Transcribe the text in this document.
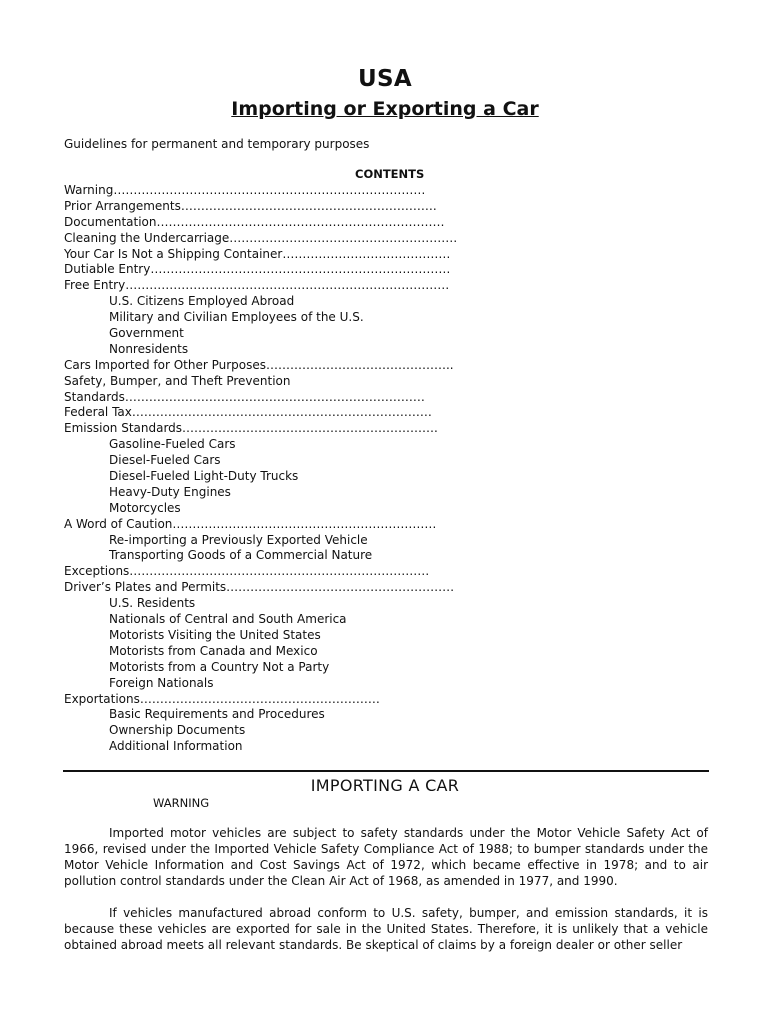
USA
Importing or Exporting a Car
Guidelines for permanent and temporary purposes
CONTENTS
Warning……………………………………………………………………
Prior Arrangements……………………………………………………….
Documentation………………………………………………………………
Cleaning the Undercarriage…………………………………………………
Your Car Is Not a Shipping Container……………………………………
Dutiable Entry…………………………………………………………………
Free Entry………………………………………………………………………
U.S. Citizens Employed Abroad
Military and Civilian Employees of the U.S.
Government
Nonresidents
Cars Imported for Other Purposes………………………………………..
Safety, Bumper, and Theft Prevention
Standards…………………………………………………………………
Federal Tax…………………………………………………………………
Emission Standards……………………………………………………….
Gasoline-Fueled Cars
Diesel-Fueled Cars
Diesel-Fueled Light-Duty Trucks
Heavy-Duty Engines
Motorcycles
A Word of Caution…………………………………………………………
Re-importing a Previously Exported Vehicle
Transporting Goods of a Commercial Nature
Exceptions…………………………………………………………………
Driver’s Plates and Permits…………………………………………………
U.S. Residents
Nationals of Central and South America
Motorists Visiting the United States
Motorists from Canada and Mexico
Motorists from a Country Not a Party
Foreign Nationals
Exportations……………………………………………………
Basic Requirements and Procedures
Ownership Documents
Additional Information
IMPORTING A CAR
WARNING
Imported motor vehicles are subject to safety standards under the Motor Vehicle Safety Act of 1966, revised under the Imported Vehicle Safety Compliance Act of 1988; to bumper standards under the Motor Vehicle Information and Cost Savings Act of 1972, which became effective in 1978; and to air pollution control standards under the Clean Air Act of 1968, as amended in 1977, and 1990.
If vehicles manufactured abroad conform to U.S. safety, bumper, and emission standards, it is because these vehicles are exported for sale in the United States. Therefore, it is unlikely that a vehicle obtained abroad meets all relevant standards. Be skeptical of claims by a foreign dealer or other seller
